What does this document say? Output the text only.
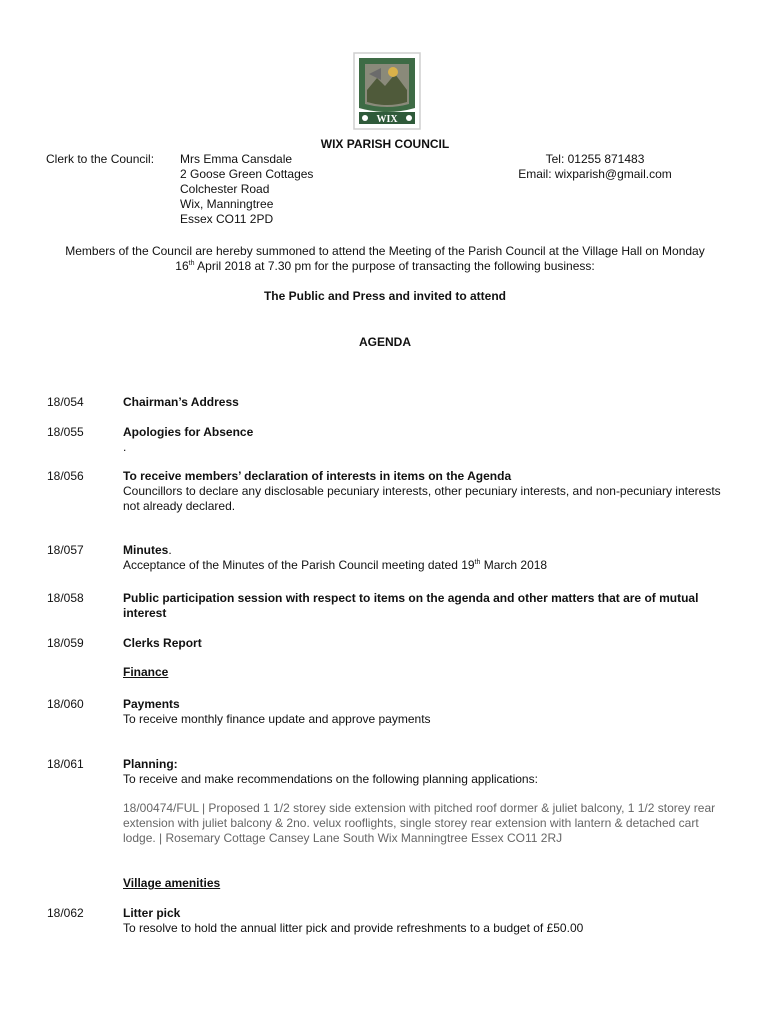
WIX
WIX PARISH COUNCIL
Clerk to the Council: Mrs Emma Cansdale
2 Goose Green Cottages
Colchester Road
Wix, Manningtree
Essex CO11 2PD
Tel: 01255 871483
Email: wixparish@gmail.com
Members of the Council are hereby summoned to attend the Meeting of the Parish Council at the Village Hall on Monday
16th April 2018 at 7.30 pm for the purpose of transacting the following business:
The Public and Press and invited to attend
AGENDA
18/054	Chairman’s Address
18/055	Apologies for Absence
.
18/056	To receive members’ declaration of interests in items on the Agenda
Councillors to declare any disclosable pecuniary interests, other pecuniary interests, and non-pecuniary interests not already declared.
18/057	Minutes.
Acceptance of the Minutes of the Parish Council meeting dated 19th March 2018
18/058	Public participation session with respect to items on the agenda and other matters that are of mutual interest
18/059	Clerks Report
Finance
18/060	Payments
To receive monthly finance update and approve payments
18/061	Planning:
To receive and make recommendations on the following planning applications:
18/00474/FUL | Proposed 1 1/2 storey side extension with pitched roof dormer & juliet balcony, 1 1/2 storey rear extension with juliet balcony & 2no. velux rooflights, single storey rear extension with lantern & detached cart lodge. | Rosemary Cottage Cansey Lane South Wix Manningtree Essex CO11 2RJ
Village amenities
18/062	Litter pick
To resolve to hold the annual litter pick and provide refreshments to a budget of £50.00
